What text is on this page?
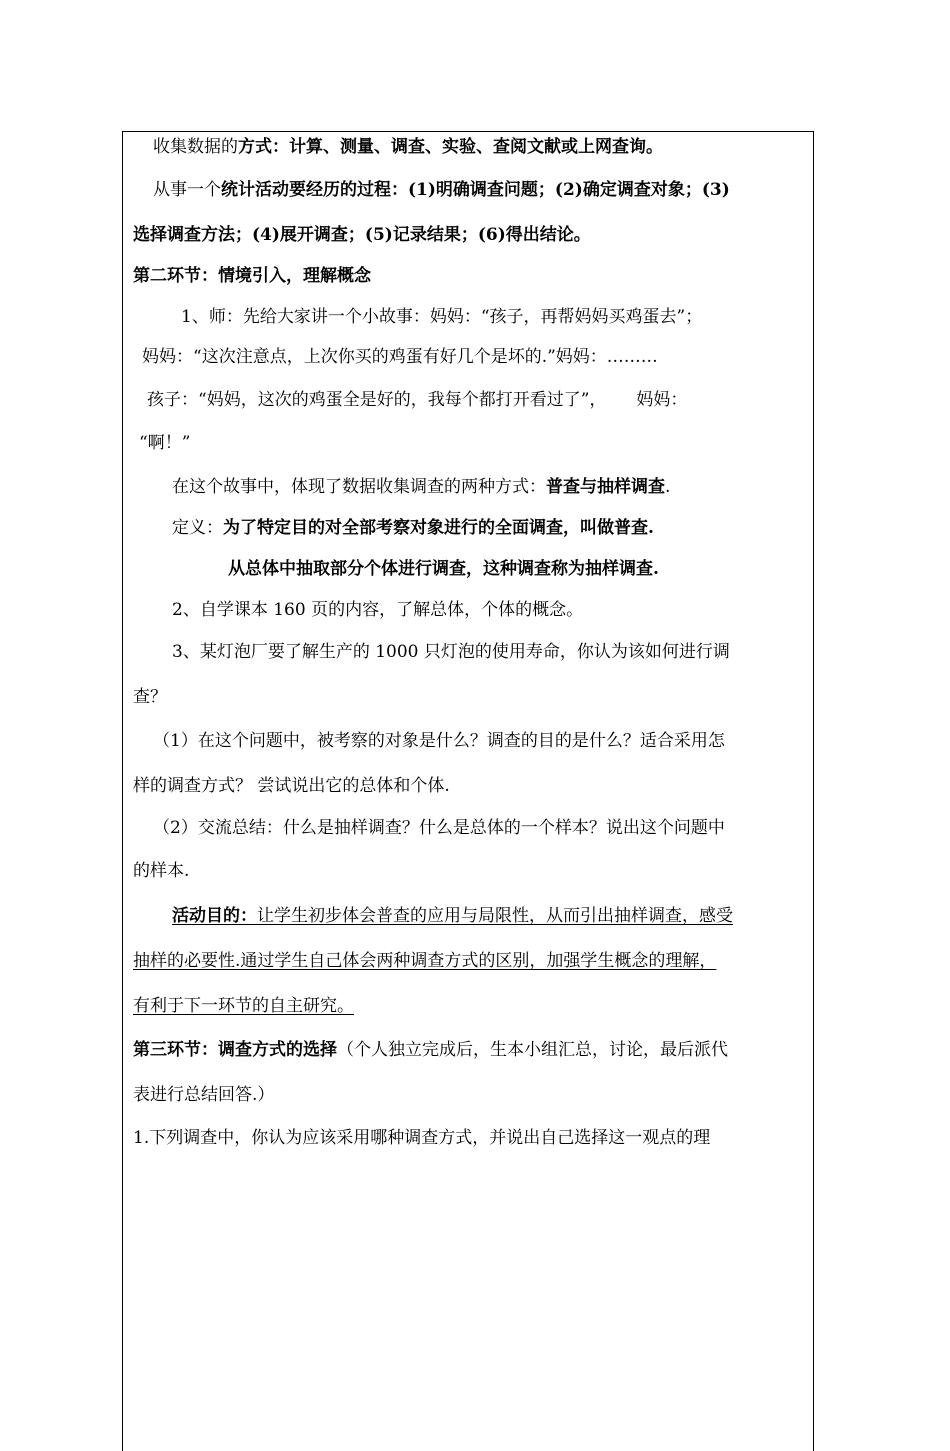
收集数据的方式：计算、测量、调查、实验、查阅文献或上网查询。
从事一个统计活动要经历的过程：(1)明确调查问题；(2)确定调查对象；(3)
选择调查方法；(4)展开调查；(5)记录结果；(6)得出结论。
第二环节：情境引入，理解概念
1、师：先给大家讲一个小故事：妈妈：“孩子，再帮妈妈买鸡蛋去”；
妈妈：“这次注意点，上次你买的鸡蛋有好几个是坏的.”妈妈：………
孩子：“妈妈，这次的鸡蛋全是好的，我每个都打开看过了”， 妈妈：
“啊！”
在这个故事中，体现了数据收集调查的两种方式：普查与抽样调查.
定义：为了特定目的对全部考察对象进行的全面调查，叫做普查.
从总体中抽取部分个体进行调查，这种调查称为抽样调查.
2、自学课本 160 页的内容，了解总体，个体的概念。
3、某灯泡厂要了解生产的 1000 只灯泡的使用寿命，你认为该如何进行调
查？
（1）在这个问题中，被考察的对象是什么？调查的目的是什么？适合采用怎
样的调查方式？ 尝试说出它的总体和个体.
（2）交流总结：什么是抽样调查？什么是总体的一个样本？说出这个问题中
的样本.
活动目的：让学生初步体会普查的应用与局限性，从而引出抽样调查，感受
抽样的必要性.通过学生自己体会两种调查方式的区别，加强学生概念的理解，
有利于下一环节的自主研究。
第三环节：调查方式的选择（个人独立完成后，生本小组汇总，讨论，最后派代
表进行总结回答.）
1.下列调查中，你认为应该采用哪种调查方式，并说出自己选择这一观点的理
